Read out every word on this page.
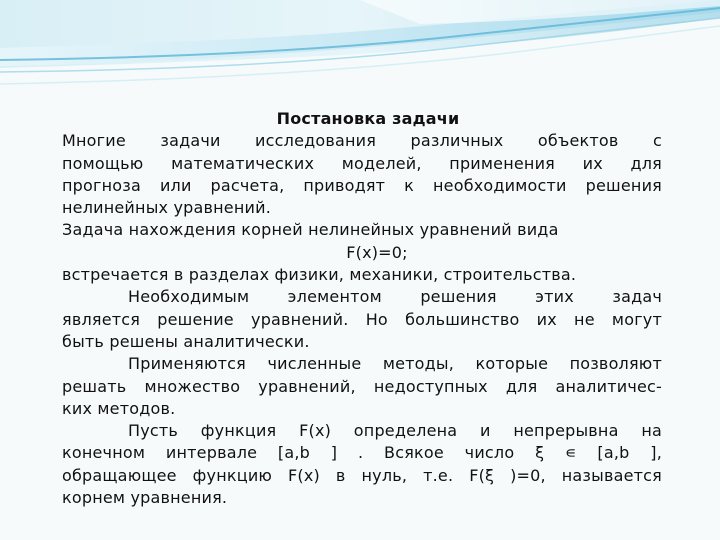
Постановка задачи
Многие задачи исследования различных объектов с
помощью математических моделей, применения их для
прогноза или расчета, приводят к необходимости решения
нелинейных уравнений.
Задача нахождения корней нелинейных уравнений вида
F(x)=0;
встречается в разделах физики, механики, строительства.
Необходимым элементом решения этих задач
является решение уравнений. Но большинство их не могут
быть решены аналитически.
Применяются численные методы, которые позволяют
решать множество уравнений, недоступных для аналитичес-
ких методов.
Пусть функция F(x) определена и непрерывна на
конечном интервале [a,b ] . Всякое число ξ ∊ [a,b ],
обращающее функцию F(x) в нуль, т.е. F(ξ )=0, называется
корнем уравнения.
